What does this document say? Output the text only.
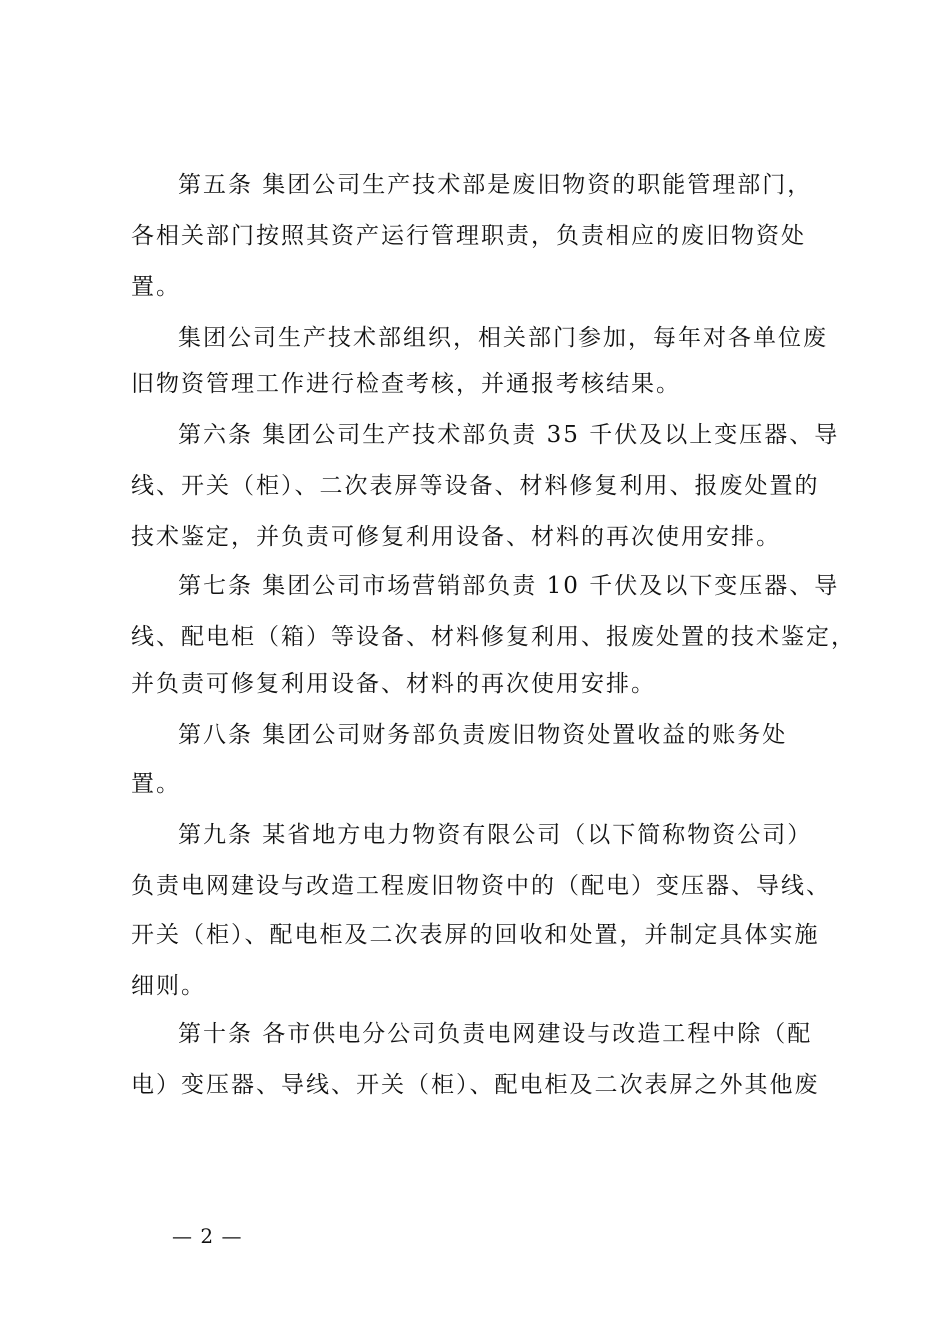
第五条 集团公司生产技术部是废旧物资的职能管理部门，
各相关部门按照其资产运行管理职责，负责相应的废旧物资处
置。
集团公司生产技术部组织，相关部门参加，每年对各单位废
旧物资管理工作进行检查考核，并通报考核结果。
第六条 集团公司生产技术部负责 35 千伏及以上变压器、导
线、开关（柜）、二次表屏等设备、材料修复利用、报废处置的
技术鉴定，并负责可修复利用设备、材料的再次使用安排。
第七条 集团公司市场营销部负责 10 千伏及以下变压器、导
线、配电柜（箱）等设备、材料修复利用、报废处置的技术鉴定，
并负责可修复利用设备、材料的再次使用安排。
第八条 集团公司财务部负责废旧物资处置收益的账务处
置。
第九条 某省地方电力物资有限公司（以下简称物资公司）
负责电网建设与改造工程废旧物资中的（配电）变压器、导线、
开关（柜）、配电柜及二次表屏的回收和处置，并制定具体实施
细则。
第十条 各市供电分公司负责电网建设与改造工程中除（配
电）变压器、导线、开关（柜）、配电柜及二次表屏之外其他废
— 2 —
